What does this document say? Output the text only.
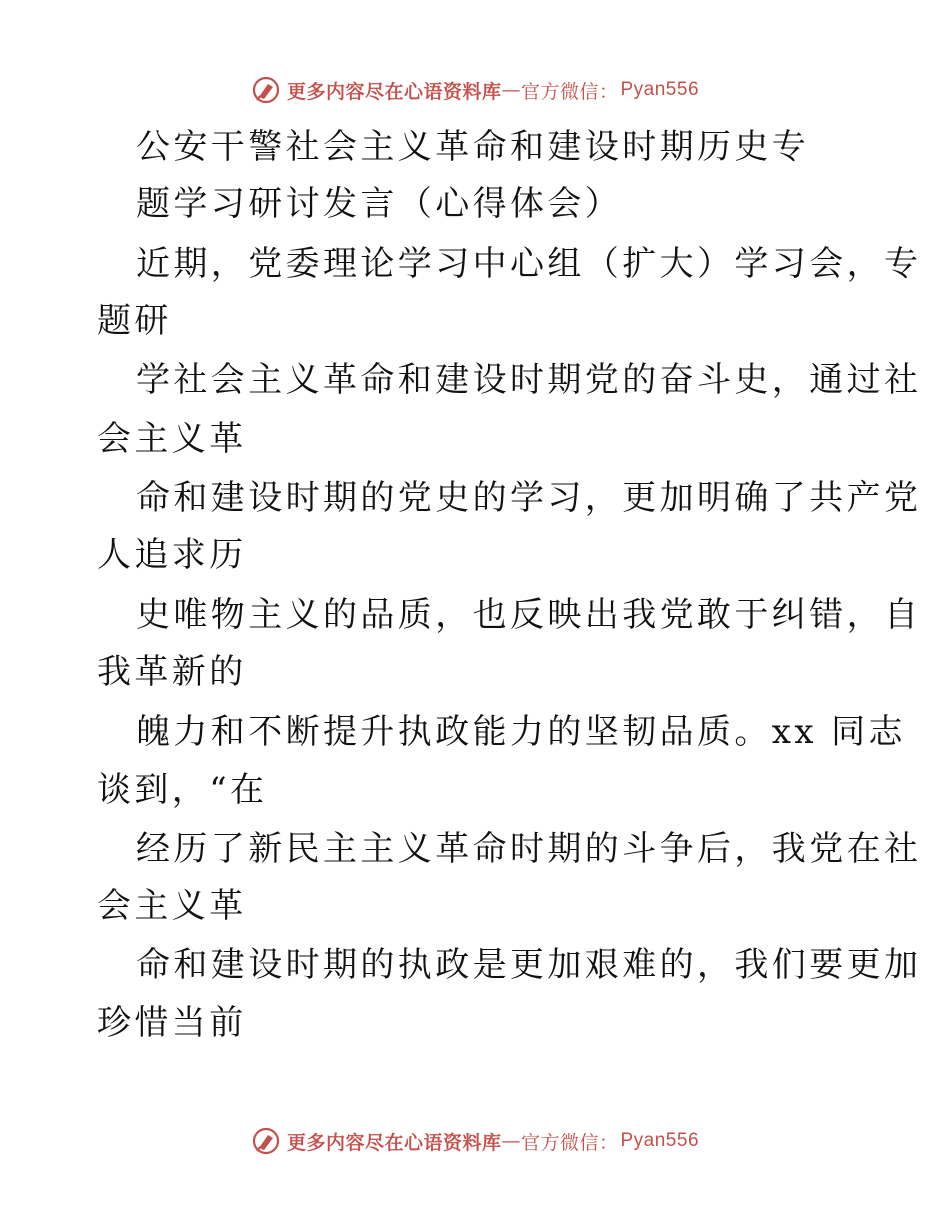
更多内容尽在心语资料库 — 官方微信： Pyan556
公安干警社会主义革命和建设时期历史专
题学习研讨发言（心得体会）
近期，党委理论学习中心组（扩大）学习会，专
题研
学社会主义革命和建设时期党的奋斗史，通过社
会主义革
命和建设时期的党史的学习，更加明确了共产党
人追求历
史唯物主义的品质，也反映出我党敢于纠错，自
我革新的
魄力和不断提升执政能力的坚韧品质。xx 同志
谈到，“在
经历了新民主主义革命时期的斗争后，我党在社
会主义革
命和建设时期的执政是更加艰难的，我们要更加
珍惜当前
更多内容尽在心语资料库 — 官方微信： Pyan556
